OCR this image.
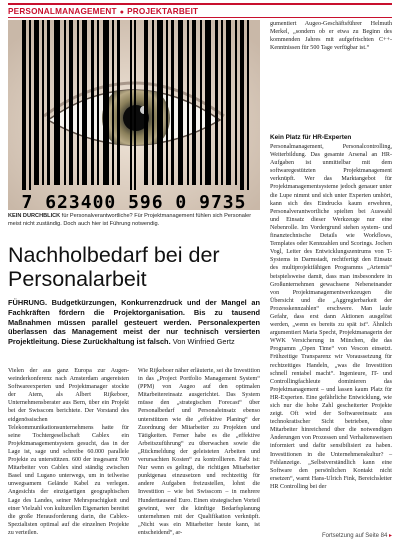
PERSONALMANAGEMENT ● PROJEKTARBEIT
7 623400 596 0 9735
KEIN DURCHBLICK für Personalverantwortliche? Für Projektmanagement fühlen sich Personaler meist nicht zuständig. Doch auch hier ist Führung notwendig.
Nachholbedarf bei der Personalarbeit
FÜHRUNG. Budgetkürzungen, Konkurrenzdruck und der Mangel an Fachkräften fördern die Projektorganisation. Bis zu tausend Maßnahmen müssen parallel gesteuert werden. Personalexperten überlassen das Management meist der nur technisch versierten Projektleitung. Diese Zurückhaltung ist falsch. Von Winfried Gertz

Vielen der aus ganz Europa zur Augen-weinderkonferenz nach Amsterdam angereisten Softwareexperten und Projektmanager stockte der Atem, als Albert Rijkeboer, Unternehmensberater aus Bern, über ein Projekt bei der Swisscom berichtete. Der Vorstand des eidgenössischen Telekommunikationsunternehmens hatte für seine Tochtergesellschaft Cablex ein Projektmanagementsystem gesucht, das in der Lage ist, sage und schreibe 60.000 parallele Projekte zu unterstützen. 600 der insgesamt 700 Mitarbeiter von Cablex sind ständig zwischen Basel und Lugano unterwegs, um in teilweise unwegsamem Gelände Kabel zu verlegen. Angesichts der einzigartigen geographischen Lage des Landes, seiner Mehrsprachigkeit und einer Vielzahl von kulturellen Eigenarten bereitet die große Herausforderung darin, die Cablex-Spezialisten optimal auf die einzelnen Projekte zu verteilen.

Wie Rijkeboer näher erläuterte, sei die Investition in das „Project Portfolio Management System“ (PPM) von Augeo auf den optimalen Mitarbeitereinsatz ausgerichtet. Das System müsse den „strategischen Forecast“ über Personalbedarf und Personaleinsatz ebenso unterstützen wie die „effektive Planing“ der Zuordnung der Mitarbeiter zu Projekten und Tätigkeiten. Ferner habe es die „effektive Arbeitszuführung“ zu überwachen sowie die „Rückmeldung der geleisteten Arbeiten und verursachten Kosten“ zu kontrollieren. Fakt ist: Nur wenn es gelingt, die richtigen Mitarbeiter punktgenau einzusetzen und rechtzeitig für andere Aufgaben freizustellen, lohnt die Investition – wie bei Swisscom – in mehrere Hunderttausend Euro. Einen strategischen Vorteil gewinnt, wer die künftige Bedarfsplanung unternehmen mit der Qualifikation verknüpft. „Nicht was ein Mitarbeiter heute kann, ist entscheidend“, ar-

gumentiert Augeo-Geschäftsführer Helmuth Merkel, „sondern ob er etwa zu Beginn des kommenden Jahres mit aufgefrischten C++-Kenntnissen für 500 Tage verfügbar ist.“

Kein Platz für HR-Experten

Personalmanagement, Personalcontrolling, Weiterbildung. Das gesamte Arsenal an HR-Aufgaben ist unmittelbar mit dem softwaregestützten Projektmanagement verknüpft. Wer das Marktangebot für Projektmanagementsysteme jedoch genauer unter die Lupe nimmt und sich unter Experten umhört, kann sich des Eindrucks kaum erwehren, Personalverantwortliche spielten bei Auswahl und Einsatz dieser Werkzeuge nur eine Nebenrolle. Im Vordergrund stehen system- und finanztechnische Details wie Workflows, Templates oder Kennzahlen und Scorings. Jochen Vogl, Leiter des Entwicklungszentrums von T-Systems in Darmstadt, rechtfertigt den Einsatz des multiprojektfähigen Programms „Artemis“ beispielsweise damit, dass man insbesondere in Großunternehmen gewachsene Nebeneinander von Projektmanagementwerkzeugen die Übersicht und die „Aggregierbarkeit der Prozesskennzahlen“ erschwere. Man laufe Gefahr, dass erst dann Aktionen ausgelöst werden, „wenn es bereits zu spät ist“. Ähnlich argumentiert Maria Specht, Projektmanagerin der WWK Versicherung in München, die das Programm „Open Time“ von Vescon einsetzt. Frühzeitige Transparenz wir Voraussetzung für rechtzeitiges Handeln, „was die Investition schnell rentabel macht“. Ingenieure, IT- und Controllingfachleute dominieren das Projektmanagement – und lassen kaum Platz für HR-Experten. Eine gefährliche Entwicklung, wie sich nur die hohe Zahl gescheiterter Projekte zeigt. Oft wird der Softwareeinsatz aus technokratischer Sicht betrieben, ohne Mitarbeiter hinreichend über die notwendigen Änderungen von Prozessen und Verhaltensweisen informiert und dafür sensibilisiert zu haben. Investitionen in die Unternehmenskultur? – Fehlanzeige. „Selbstverständlich kann eine Software den persönlichen Kontakt nicht ersetzen“, warnt Hans-Ulrich Fink, Bereichsleiter HR Controlling bei der

Fortsetzung auf Seite 84 ▸
